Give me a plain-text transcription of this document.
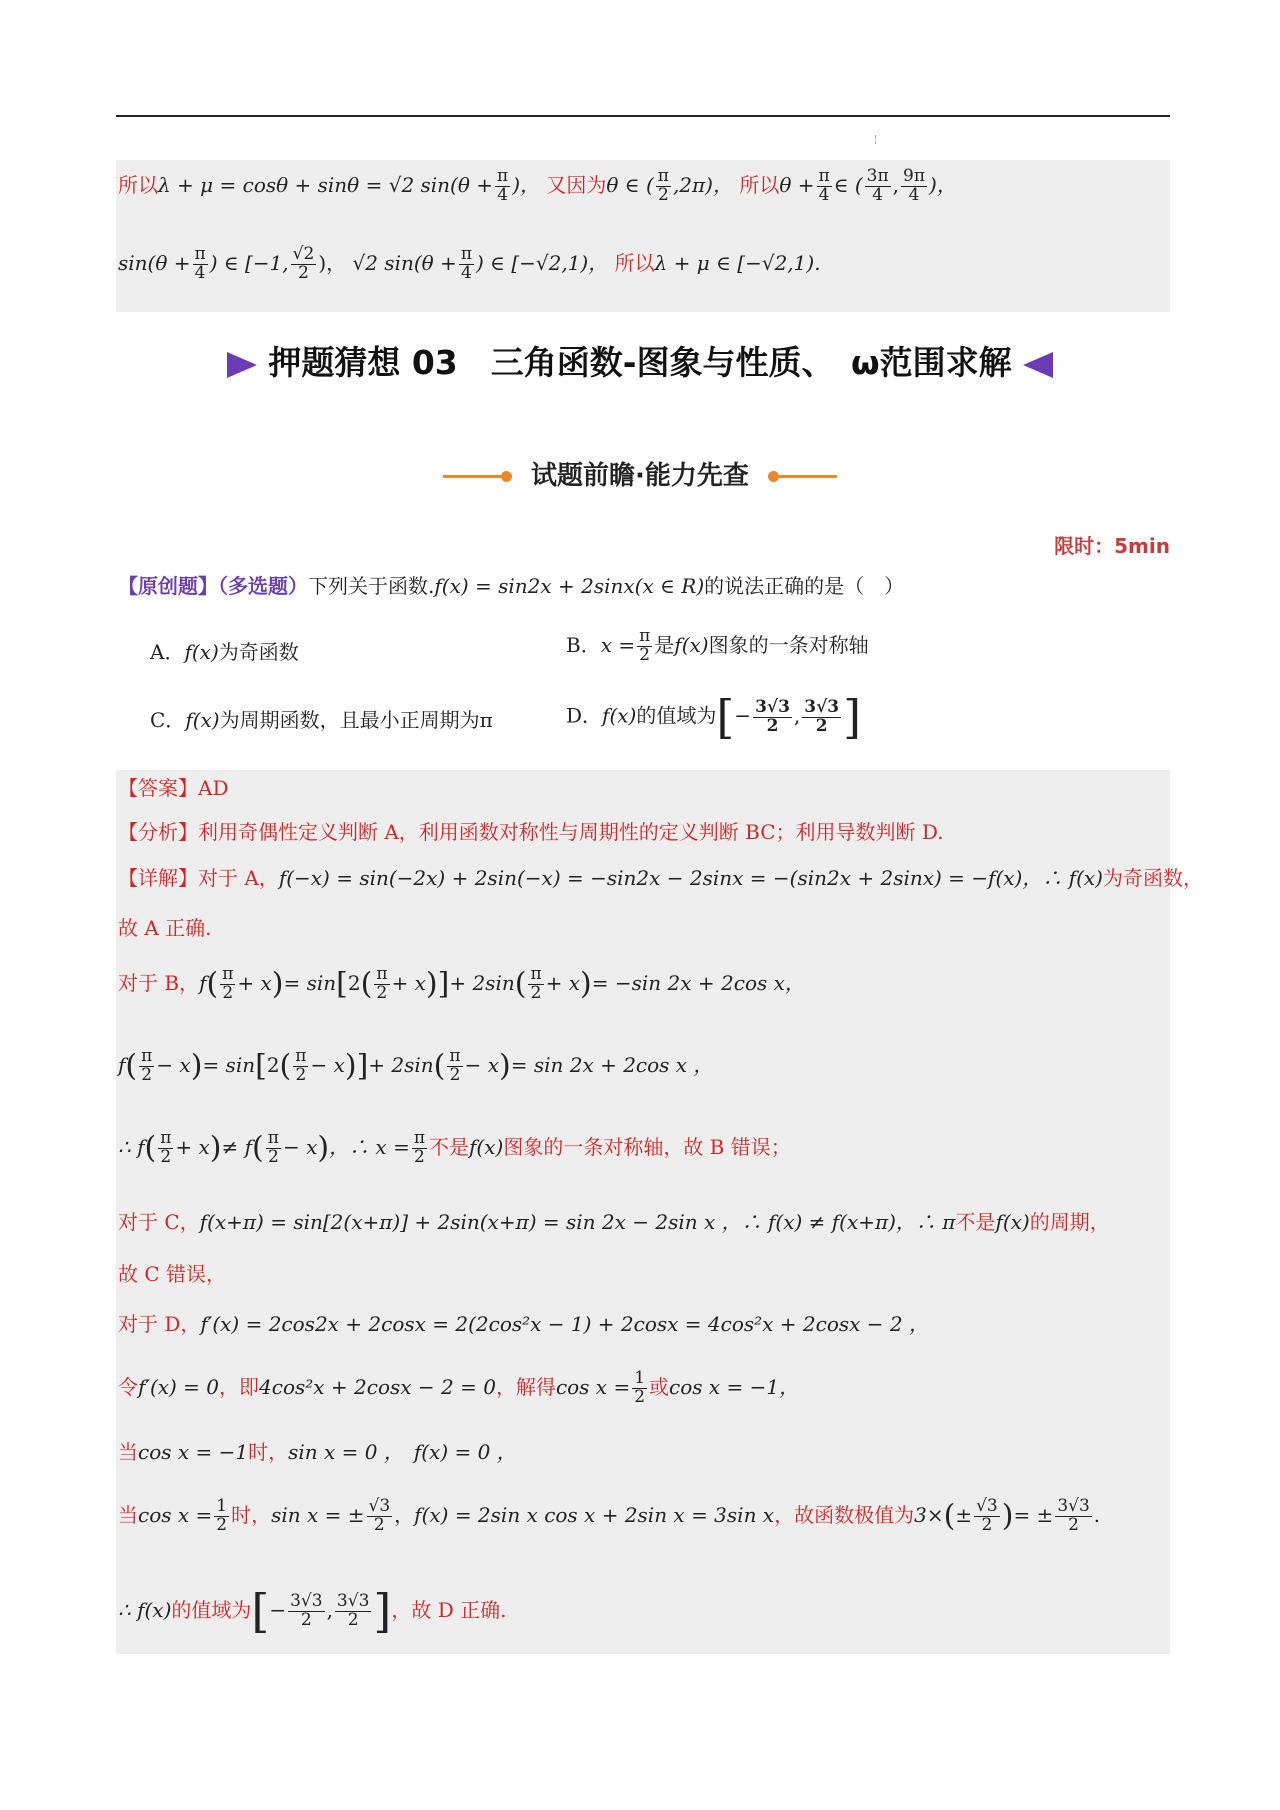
¦
所以λ + μ = cosθ + sinθ = √2 $\sin(\theta + \frac{\pi}{4}$ )， 又因为θ ∈ ( $\frac{\pi}{2} ,2\pi$)， 所以$\theta + \frac{\pi}{4}$ ∈ ( $\frac{3\pi}{4}$ , $\frac{9\pi}{4}$ )，
$\sin(\theta + \frac{\pi}{4}$ ) ∈ [−1, $\frac{√2}{2}$ )， √2 $\sin(\theta + \frac{\pi}{4}$ ) ∈ [−√2,1)， 所以λ + μ ∈ [−√2,1).
押题猜想 03　三角函数-图象与性质、　ω范围求解
试题前瞻·能力先查
限时：5min
【原创题】（多选题）下列关于函数.f(x) = sin2x + 2sinx(x ∈ R)的说法正确的是（　）
A．f(x)为奇函数	B．$x = \frac{\pi}{2}$ 是f(x)图象的一条对称轴
C．f(x)为周期函数，且最小正周期为π	D．f(x)的值域为[− $\frac{3√3}{2}$ , $\frac{3√3}{2}$ ]
【答案】AD
【分析】利用奇偶性定义判断 A，利用函数对称性与周期性的定义判断 BC；利用导数判断 D.
【详解】对于 A，f(−x) = sin(−2x) + 2sin(−x) = −sin2x − 2sinx = −(sin2x + 2sinx) = −f(x)，∴ f(x)为奇函数，
故 A 正确.
对于 B，$f( \frac{\pi}{2} + x)= \sin[2( \frac{\pi}{2} + x)]+ 2\sin( \frac{\pi}{2} + x)= -\sin$ 2x + 2cos x，
$f( \frac{\pi}{2} - x)= \sin[2( \frac{\pi}{2} - x)]+ 2\sin( \frac{\pi}{2} - x)= \sin 2x + 2\cos$ x ，
∴ $f( \frac{\pi}{2} + x)\ne f( \frac{\pi}{2} - x)$，∴ $x = \frac{\pi}{2}$ 不是f(x)图象的一条对称轴，故 B 错误；
对于 C，f(x+π) = sin[2(x+π)] + 2sin(x+π) = sin 2x − 2sin x ，∴ f(x) ≠ f(x+π)，∴ π不是f(x)的周期，
故 C 错误，
对于 D，f′(x) = 2cos2x + 2cosx = 2(2cos²x − 1) + 2cosx = 4cos²x + 2cosx − 2 ，
令f′(x) = 0，即4cos²x + 2cosx − 2 = 0，解得$\cos x = \frac{1}{2}$ 或cos x = −1，
当cos x = −1时，sin x = 0 ，　f(x) = 0 ，
当$\cos x = \frac{1}{2}$ 时，sin x = ± $\frac{√3}{2}$ ，f(x) = 2sin x cos x + 2sin x = 3sin x，故函数极值为$3\times(\pm \frac{√3}{2}$ )= ± $\frac{3√3}{2}$ .
∴ f(x)的值域为[− $\frac{3√3}{2}$ , $\frac{3√3}{2}$ ]，故 D 正确.
